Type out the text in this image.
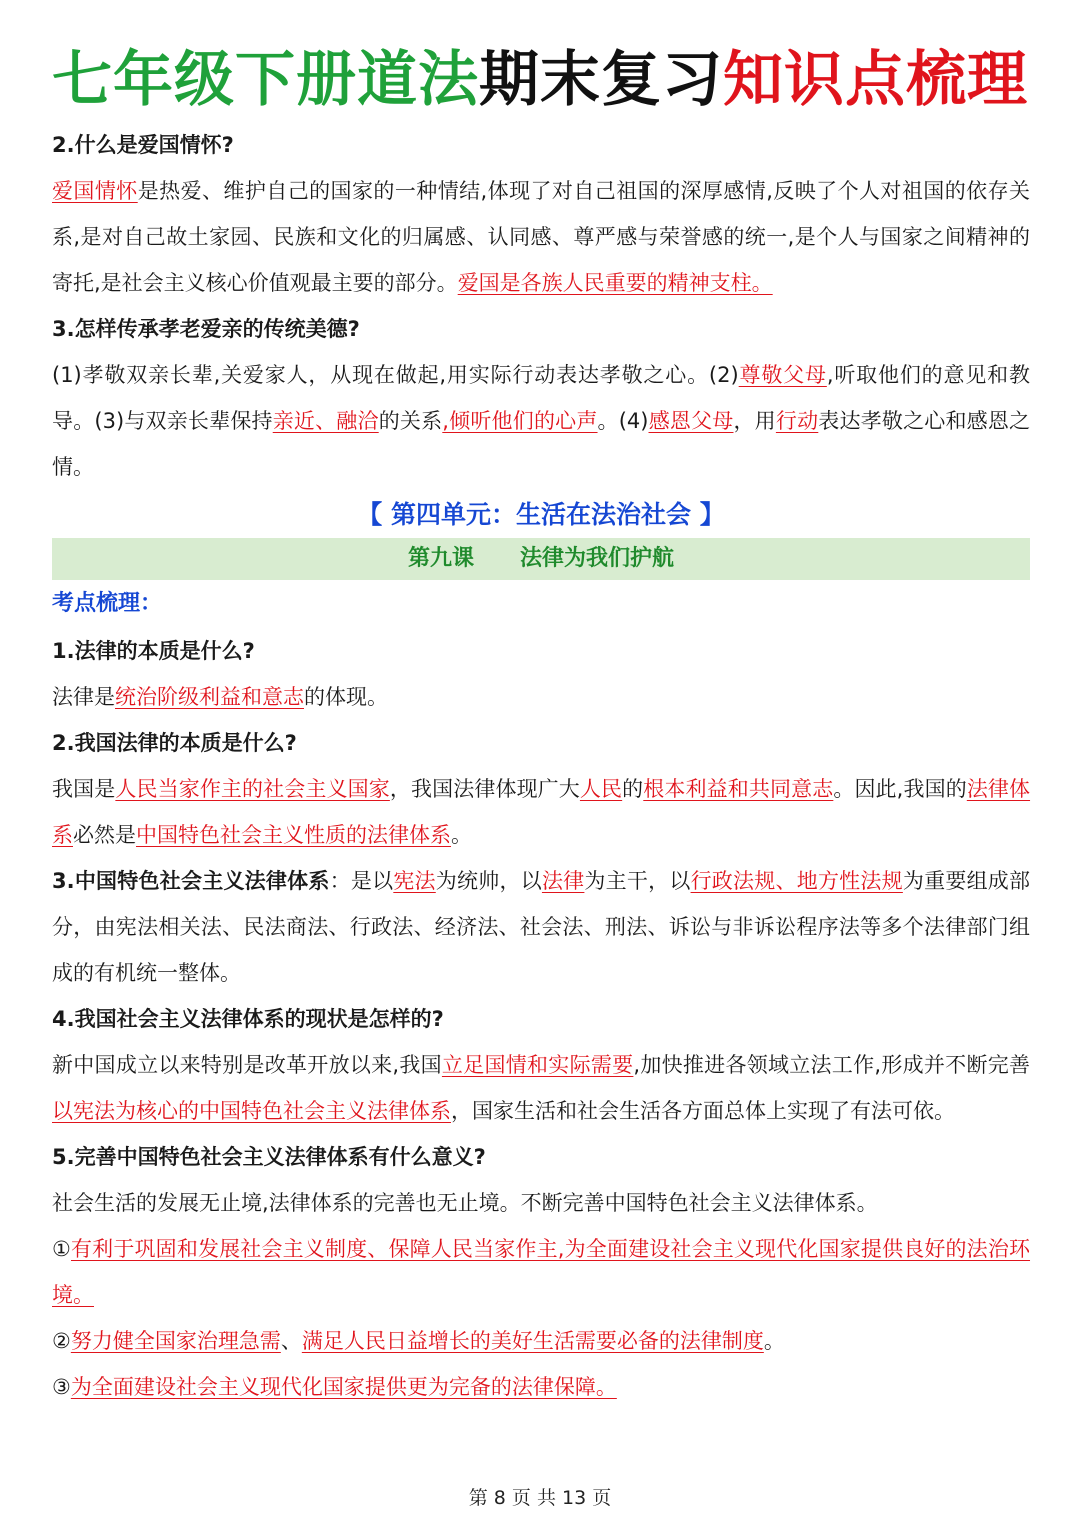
七年级下册道法期末复习知识点梳理

2.什么是爱国情怀?

爱国情怀是热爱、维护自己的国家的一种情结,体现了对自己祖国的深厚感情,反映了个人对祖国的依存关系,是对自己故土家园、民族和文化的归属感、认同感、尊严感与荣誉感的统一,是个人与国家之间精神的寄托,是社会主义核心价值观最主要的部分。爱国是各族人民重要的精神支柱。

3.怎样传承孝老爱亲的传统美德?

(1)孝敬双亲长辈,关爱家人，从现在做起,用实际行动表达孝敬之心。(2)尊敬父母,听取他们的意见和教导。(3)与双亲长辈保持亲近、融洽的关系,倾听他们的心声。(4)感恩父母，用行动表达孝敬之心和感恩之情。

【 第四单元：生活在法治社会 】
第九课      法律为我们护航
考点梳理：

1.法律的本质是什么?

法律是统治阶级利益和意志的体现。

2.我国法律的本质是什么?

我国是人民当家作主的社会主义国家，我国法律体现广大人民的根本利益和共同意志。因此,我国的法律体系必然是中国特色社会主义性质的法律体系。

3.中国特色社会主义法律体系：是以宪法为统帅，以法律为主干，以行政法规、地方性法规为重要组成部分，由宪法相关法、民法商法、行政法、经济法、社会法、刑法、诉讼与非诉讼程序法等多个法律部门组成的有机统一整体。

4.我国社会主义法律体系的现状是怎样的?

新中国成立以来特别是改革开放以来,我国立足国情和实际需要,加快推进各领域立法工作,形成并不断完善以宪法为核心的中国特色社会主义法律体系，国家生活和社会生活各方面总体上实现了有法可依。

5.完善中国特色社会主义法律体系有什么意义?

社会生活的发展无止境,法律体系的完善也无止境。不断完善中国特色社会主义法律体系。

①有利于巩固和发展社会主义制度、保障人民当家作主,为全面建设社会主义现代化国家提供良好的法治环境。

②努力健全国家治理急需、满足人民日益增长的美好生活需要必备的法律制度。

③为全面建设社会主义现代化国家提供更为完备的法律保障。

第 8 页 共 13 页
